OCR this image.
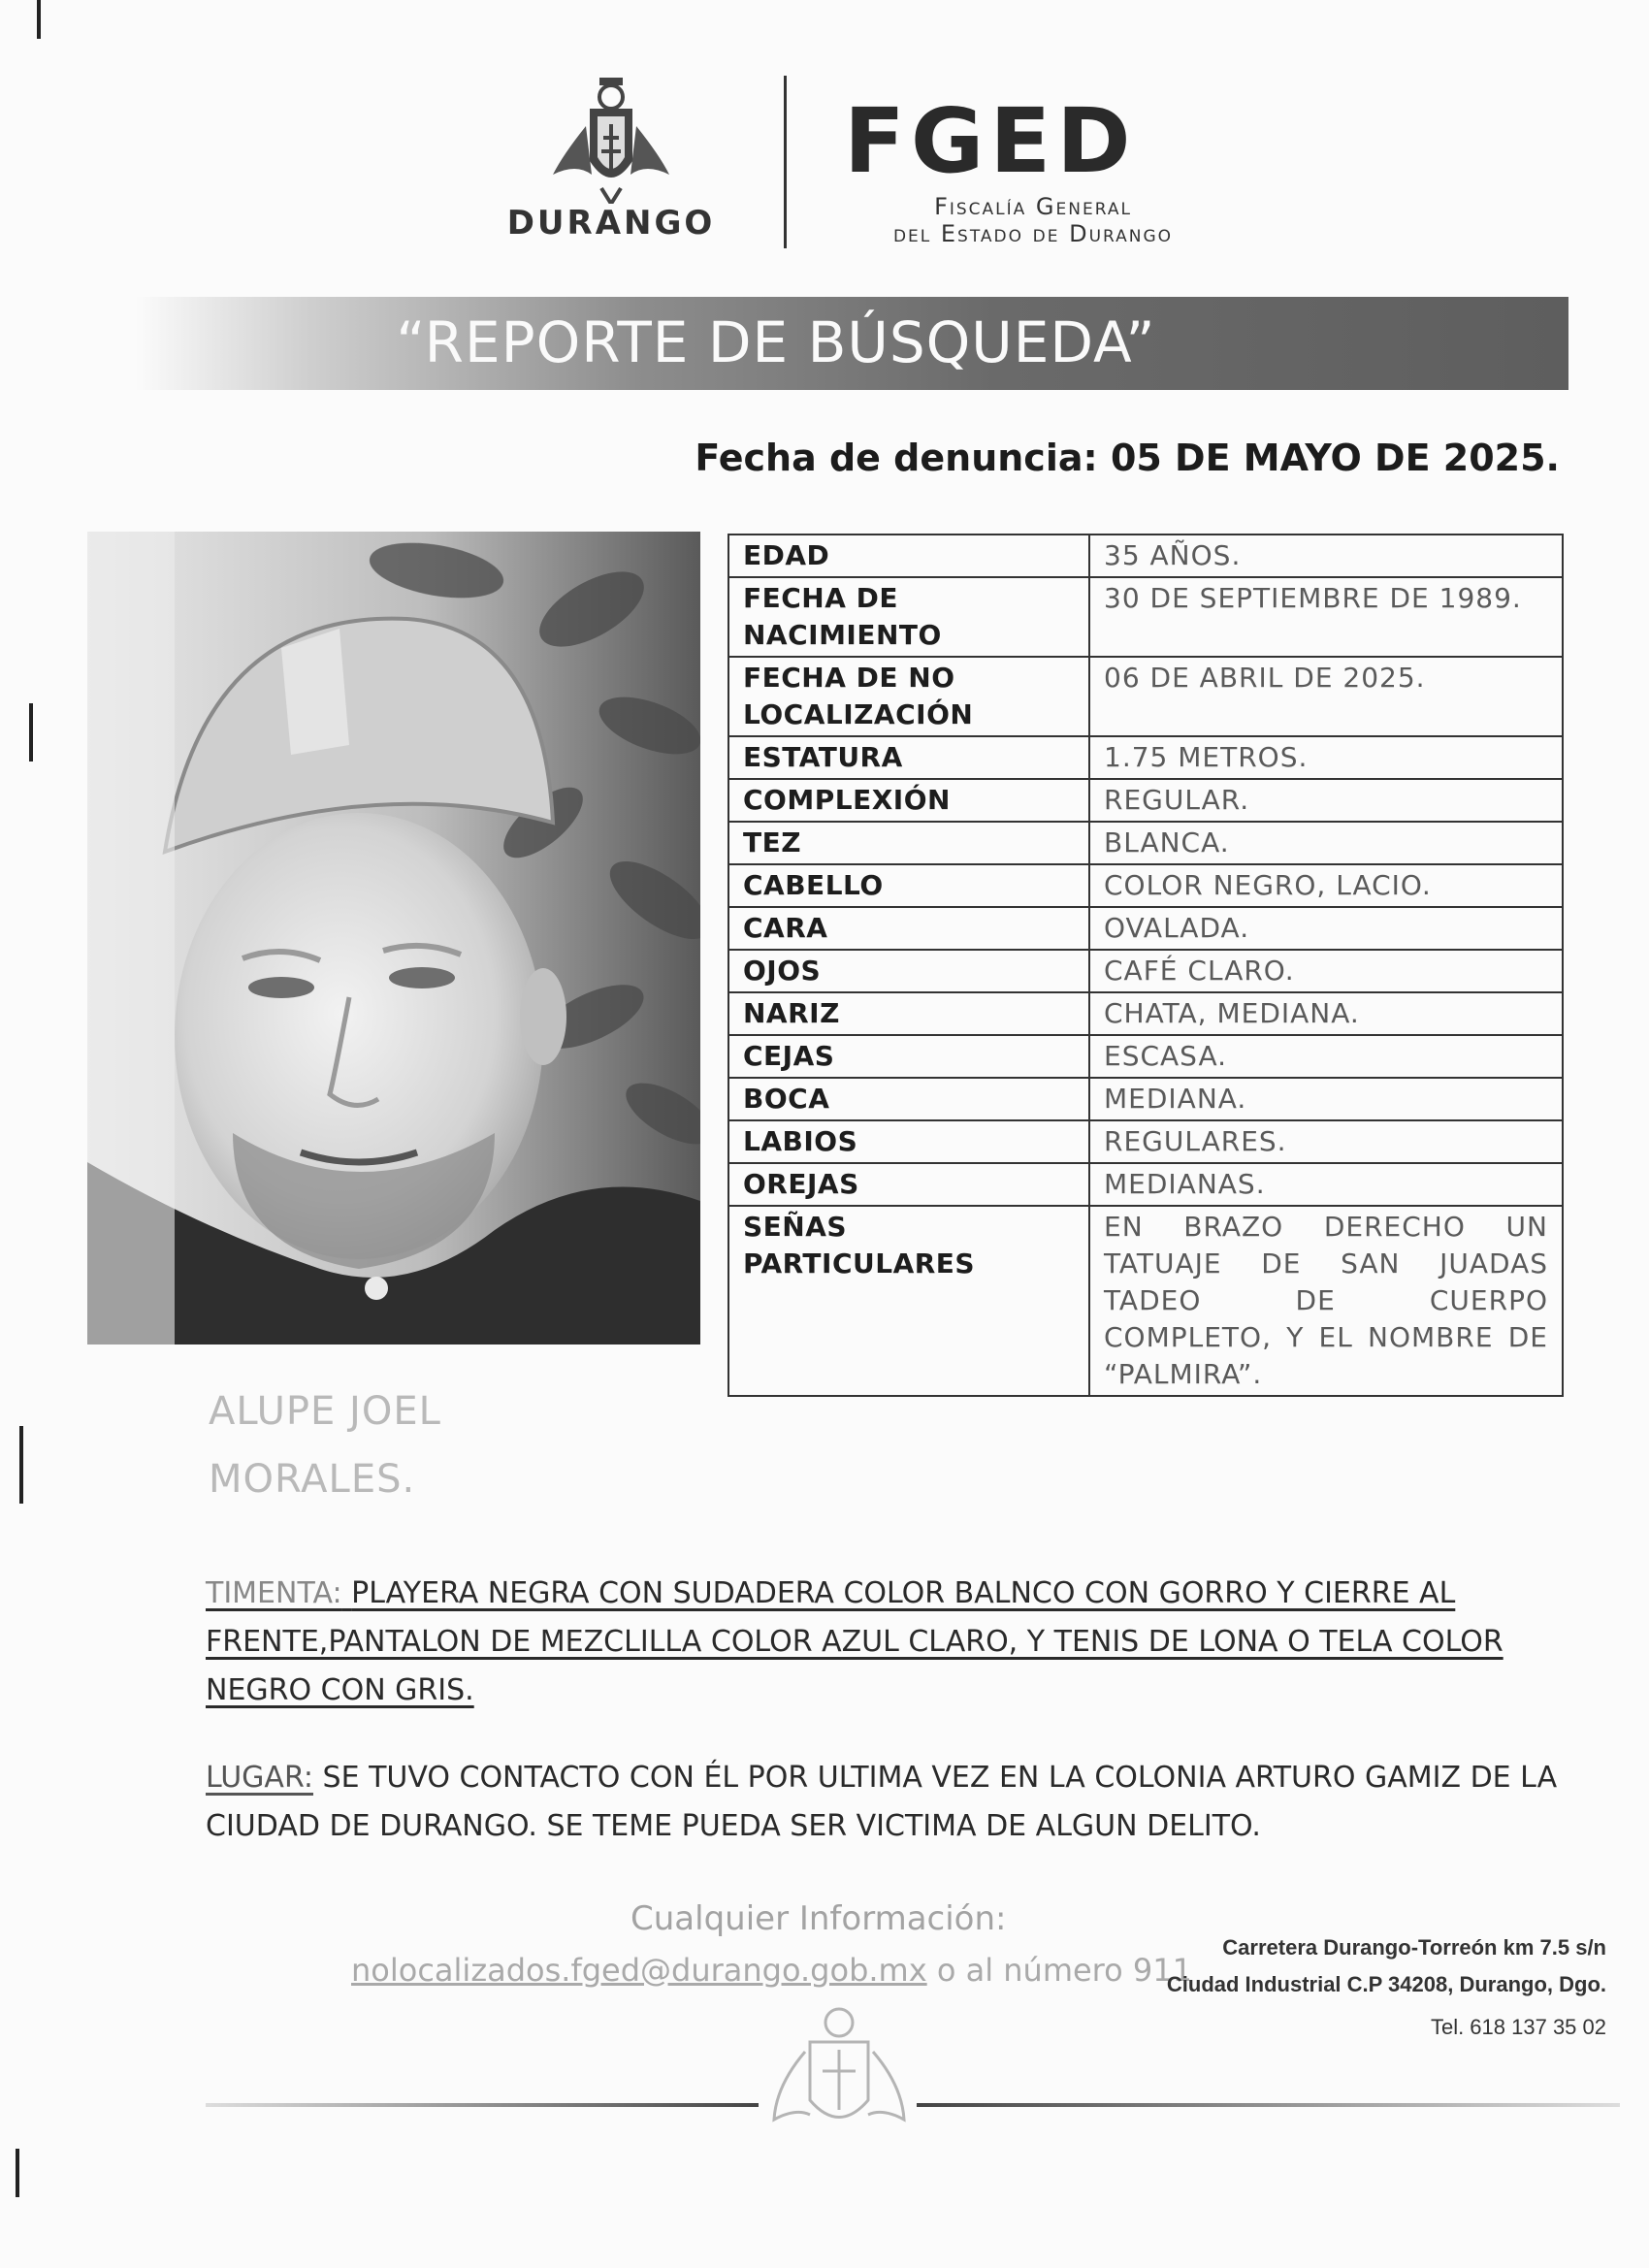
DURANGO
FGED
Fiscalía General
del Estado de Durango
“REPORTE DE BÚSQUEDA”
Fecha de denuncia: 05 DE MAYO DE 2025.
EDAD	35 AÑOS.
FECHA DE NACIMIENTO	30 DE SEPTIEMBRE DE 1989.
FECHA DE NO LOCALIZACIÓN	06 DE ABRIL DE 2025.
ESTATURA	1.75 METROS.
COMPLEXIÓN	REGULAR.
TEZ	BLANCA.
CABELLO	COLOR NEGRO, LACIO.
CARA	OVALADA.
OJOS	CAFÉ CLARO.
NARIZ	CHATA, MEDIANA.
CEJAS	ESCASA.
BOCA	MEDIANA.
LABIOS	REGULARES.
OREJAS	MEDIANAS.
SEÑAS PARTICULARES	EN BRAZO DERECHO UN TATUAJE DE SAN JUADAS TADEO DE CUERPO COMPLETO, Y EL NOMBRE DE “PALMIRA”.
ALUPE JOEL
MORALES.
TIMENTA: PLAYERA NEGRA CON SUDADERA COLOR BALNCO CON GORRO Y CIERRE AL FRENTE,PANTALON DE MEZCLILLA COLOR AZUL CLARO, Y TENIS DE LONA O TELA COLOR NEGRO CON GRIS.
LUGAR: SE TUVO CONTACTO CON ÉL POR ULTIMA VEZ EN LA COLONIA ARTURO GAMIZ DE LA CIUDAD DE DURANGO. SE TEME PUEDA SER VICTIMA DE ALGUN DELITO.
Cualquier Información:
nolocalizados.fged@durango.gob.mx o al número 911
Carretera Durango-Torreón km 7.5 s/n
Ciudad Industrial C.P 34208, Durango, Dgo.
Tel. 618 137 35 02
